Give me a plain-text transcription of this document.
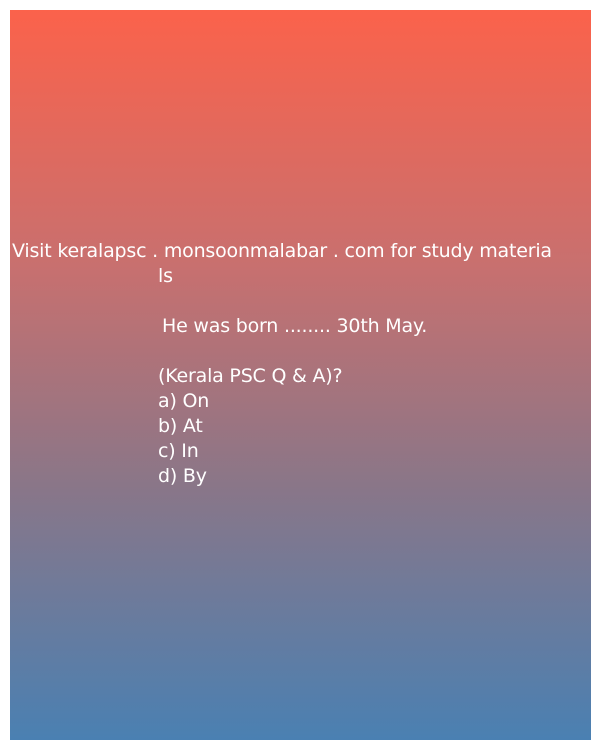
Visit keralapsc . monsoonmalabar . com for study materia
ls
He was born ........ 30th May.
(Kerala PSC Q & A)?
a) On
b) At
c) In
d) By
